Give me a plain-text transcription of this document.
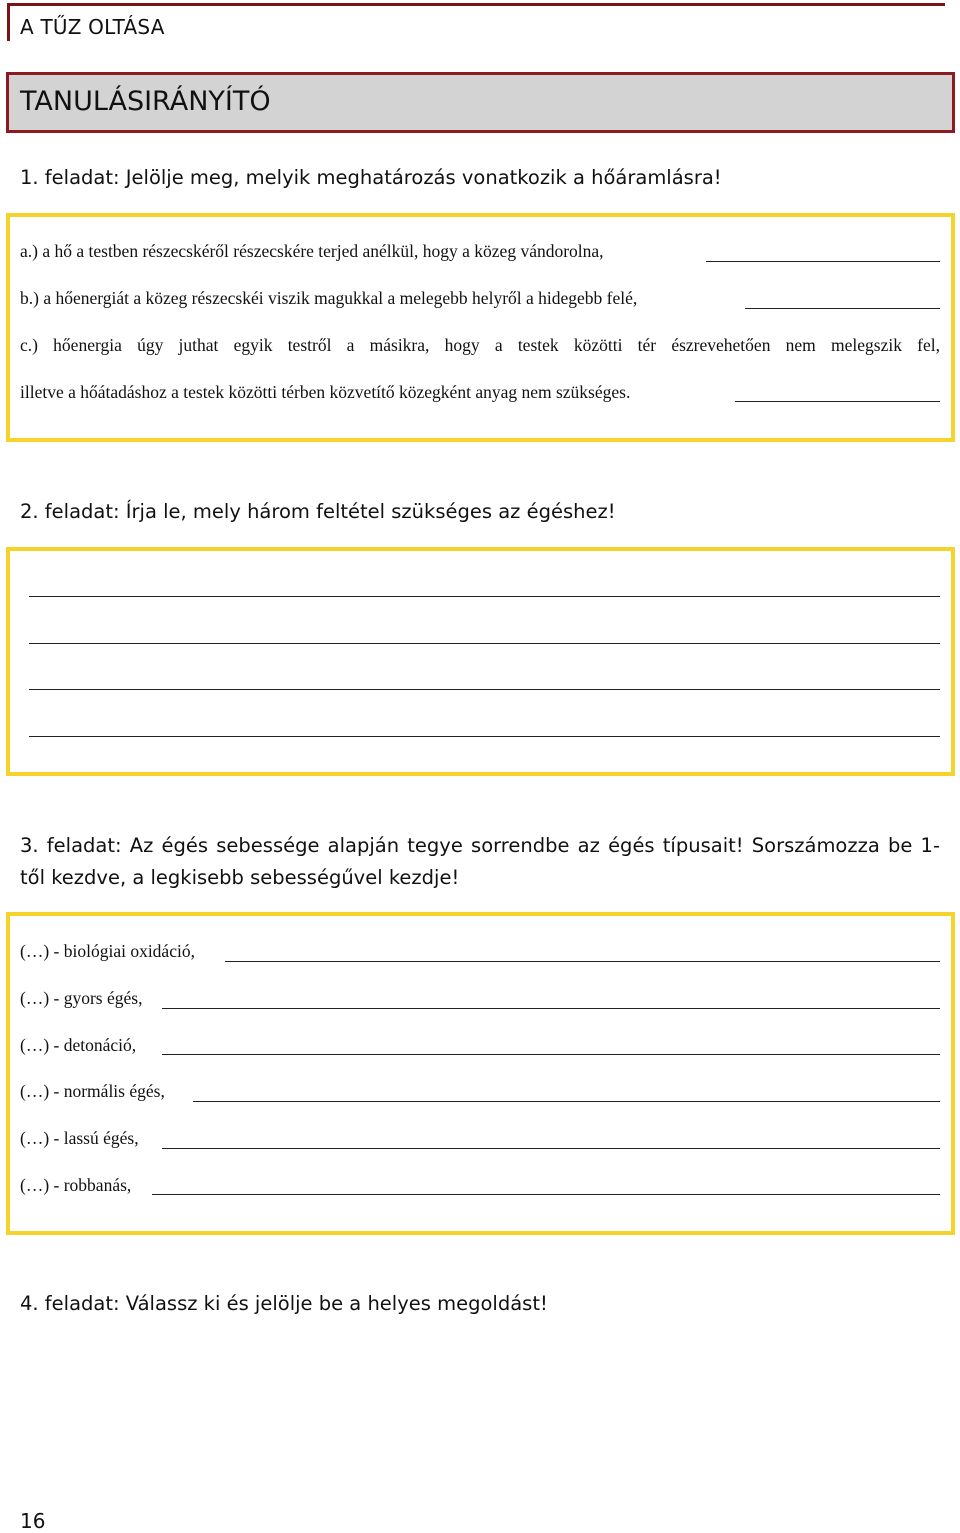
A TŰZ OLTÁSA
TANULÁSIRÁNYÍTÓ
1. feladat: Jelölje meg, melyik meghatározás vonatkozik a hőáramlásra!
a.) a hő a testben részecskéről részecskére terjed anélkül, hogy a közeg vándorolna,
b.) a hőenergiát a közeg részecskéi viszik magukkal a melegebb helyről a hidegebb felé,
c.) hőenergia úgy juthat egyik testről a másikra, hogy a testek közötti tér észrevehetően nem melegszik fel,
illetve a hőátadáshoz a testek közötti térben közvetítő közegként anyag nem szükséges.
2. feladat: Írja le, mely három feltétel szükséges az égéshez!
3. feladat: Az égés sebessége alapján tegye sorrendbe az égés típusait! Sorszámozza be 1-
től kezdve, a legkisebb sebességűvel kezdje!
(…) - biológiai oxidáció,
(…) - gyors égés,
(…) - detonáció,
(…) - normális égés,
(…) - lassú égés,
(…) - robbanás,
4. feladat: Válassz ki és jelölje be a helyes megoldást!
16
